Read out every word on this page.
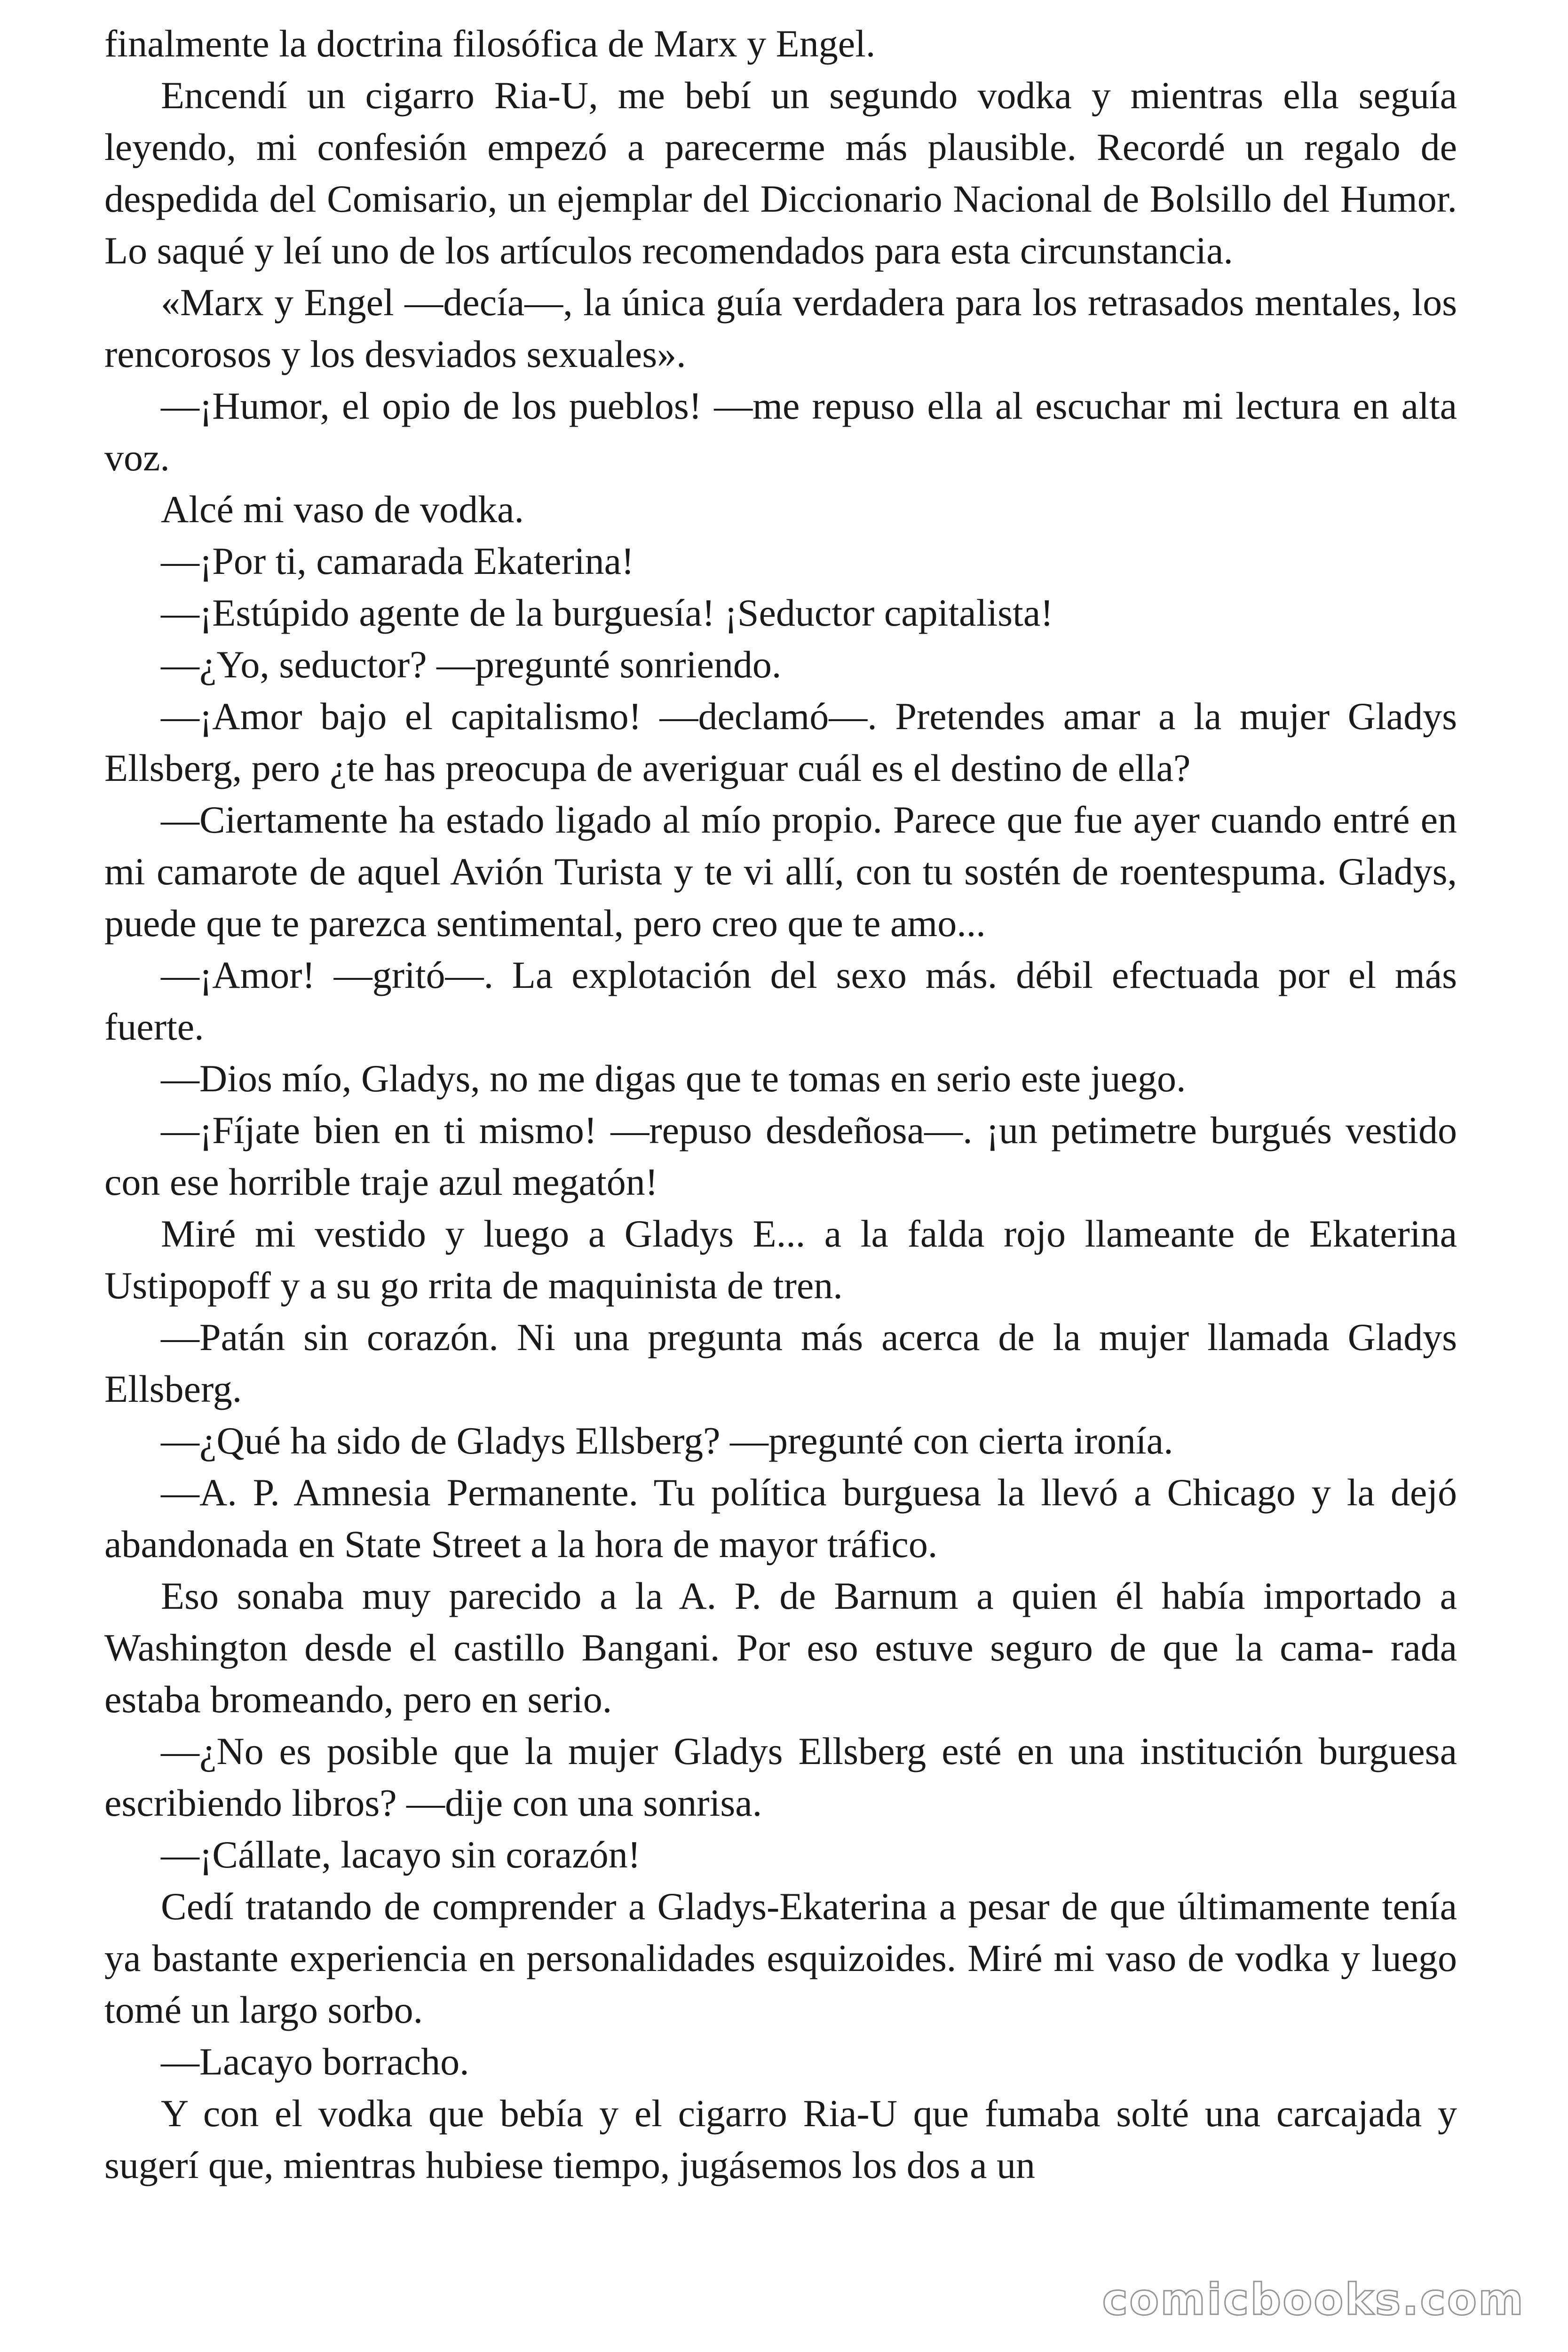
finalmente la doctrina filosófica de Marx y Engel.

Encendí un cigarro Ria-U, me bebí un segundo vodka y mientras ella seguía leyendo, mi confesión empezó a parecerme más plausible. Recordé un regalo de despedida del Comisario, un ejemplar del Diccionario Nacional de Bolsillo del Humor. Lo saqué y leí uno de los artículos recomendados para esta circunstancia.

«Marx y Engel —decía—, la única guía verdadera para los retrasados mentales, los rencorosos y los desviados sexuales».

—¡Humor, el opio de los pueblos! —me repuso ella al escuchar mi lectura en alta voz.

Alcé mi vaso de vodka.

—¡Por ti, camarada Ekaterina!

—¡Estúpido agente de la burguesía! ¡Seductor capitalista!

—¿Yo, seductor? —pregunté sonriendo.

—¡Amor bajo el capitalismo! —declamó—. Pretendes amar a la mujer Gladys Ellsberg, pero ¿te has preocupa de averiguar cuál es el destino de ella?

—Ciertamente ha estado ligado al mío propio. Parece que fue ayer cuando entré en mi camarote de aquel Avión Turista y te vi allí, con tu sostén de roentespuma. Gladys, puede que te parezca sentimental, pero creo que te amo...

—¡Amor! —gritó—. La explotación del sexo más. débil efectuada por el más fuerte.

—Dios mío, Gladys, no me digas que te tomas en serio este juego.

—¡Fíjate bien en ti mismo! —repuso desdeñosa—. ¡un petimetre burgués vestido con ese horrible traje azul megatón!

Miré mi vestido y luego a Gladys E... a la falda rojo llameante de Ekaterina Ustipopoff y a su go rrita de maquinista de tren.

—Patán sin corazón. Ni una pregunta más acerca de la mujer llamada Gladys Ellsberg.

—¿Qué ha sido de Gladys Ellsberg? —pregunté con cierta ironía.

—A. P. Amnesia Permanente. Tu política burguesa la llevó a Chicago y la dejó abandonada en State Street a la hora de mayor tráfico.

Eso sonaba muy parecido a la A. P. de Barnum a quien él había importado a Washington desde el castillo Bangani. Por eso estuve seguro de que la cama- rada estaba bromeando, pero en serio.

—¿No es posible que la mujer Gladys Ellsberg esté en una institución burguesa escribiendo libros? —dije con una sonrisa.

—¡Cállate, lacayo sin corazón!

Cedí tratando de comprender a Gladys-Ekaterina a pesar de que últimamente tenía ya bastante experiencia en personalidades esquizoides. Miré mi vaso de vodka y luego tomé un largo sorbo.

—Lacayo borracho.

Y con el vodka que bebía y el cigarro Ria-U que fumaba solté una carcajada y sugerí que, mientras hubiese tiempo, jugásemos los dos a un

comicbooks.com
